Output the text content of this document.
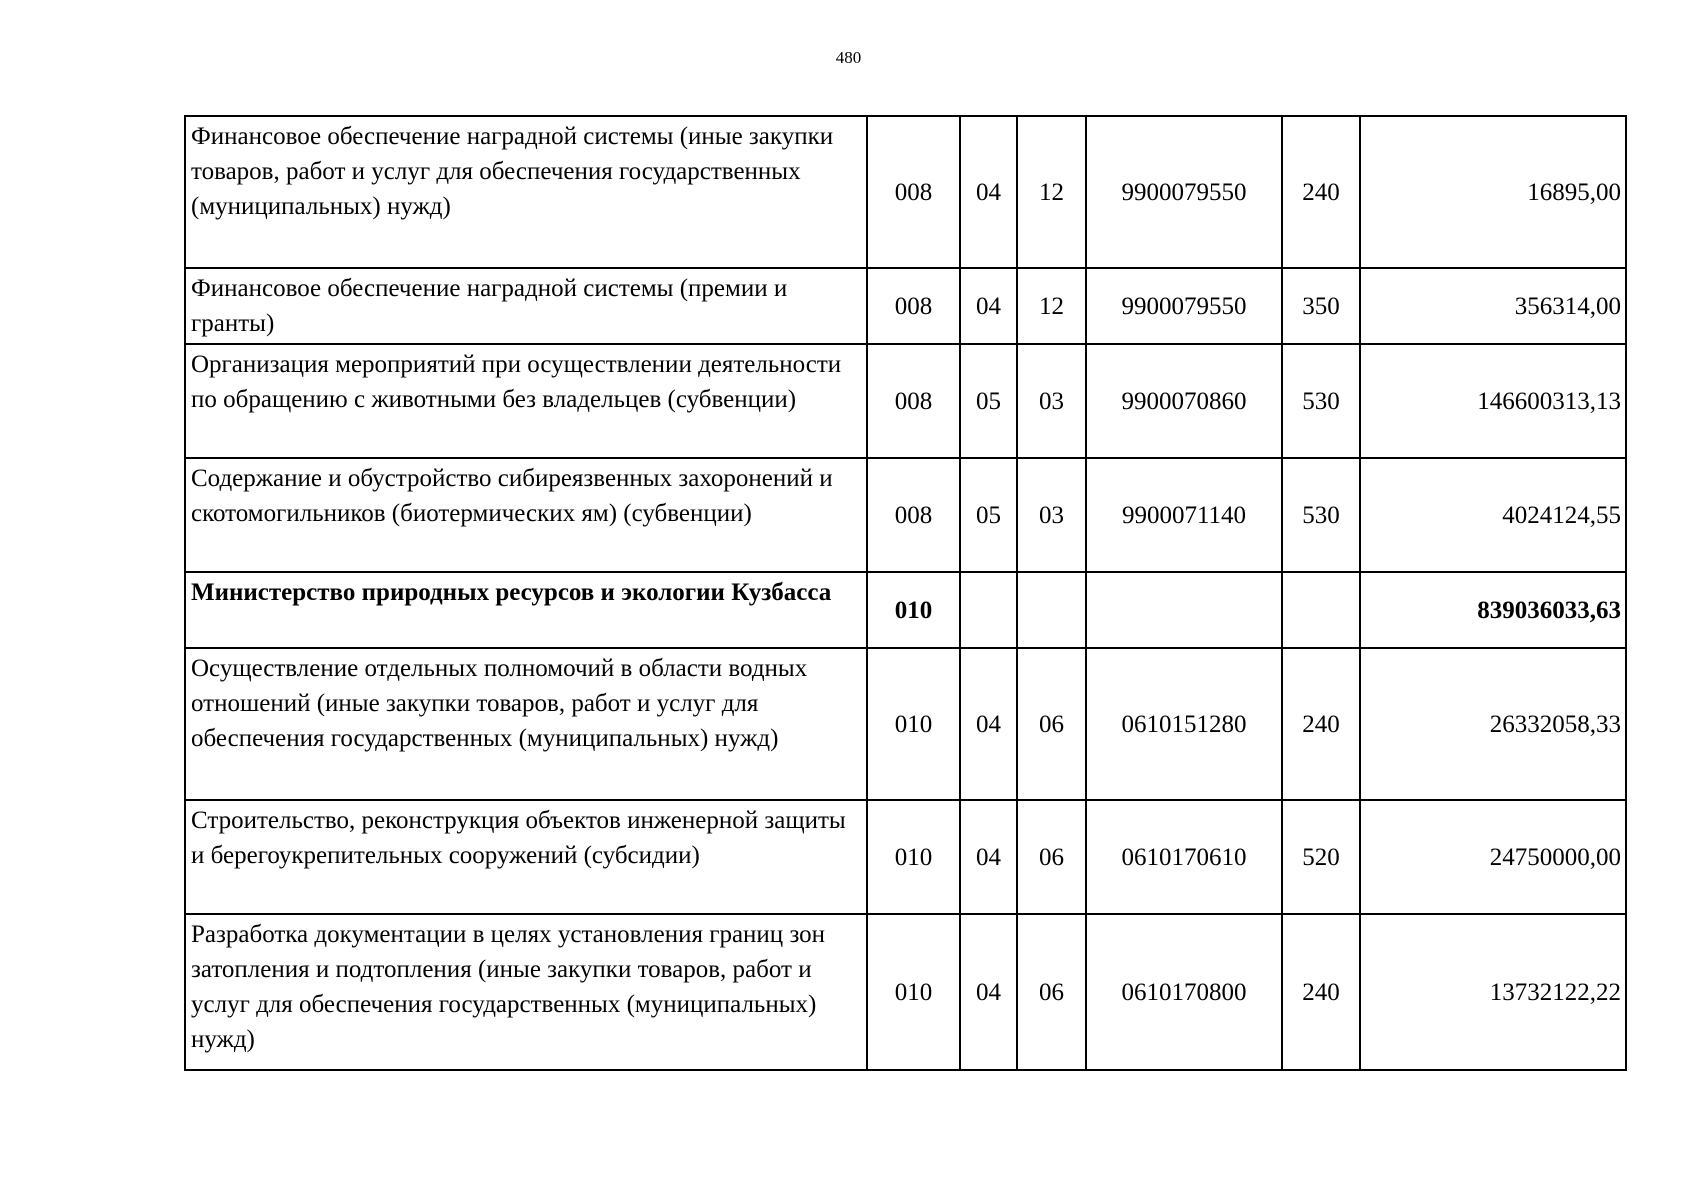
480
Финансовое обеспечение наградной системы (иные закупки товаров, работ и услуг для обеспечения государственных (муниципальных) нужд)	008	04	12	9900079550	240	16895,00
Финансовое обеспечение наградной системы (премии и гранты)	008	04	12	9900079550	350	356314,00
Организация мероприятий при осуществлении деятельности по обращению с животными без владельцев (субвенции)	008	05	03	9900070860	530	146600313,13
Содержание и обустройство сибиреязвенных захоронений и скотомогильников (биотермических ям) (субвенции)	008	05	03	9900071140	530	4024124,55
Министерство природных ресурсов и экологии Кузбасса	010					839036033,63
Осуществление отдельных полномочий в области водных отношений (иные закупки товаров, работ и услуг для обеспечения государственных (муниципальных) нужд)	010	04	06	0610151280	240	26332058,33
Строительство, реконструкция объектов инженерной защиты и берегоукрепительных сооружений (субсидии)	010	04	06	0610170610	520	24750000,00
Разработка документации в целях установления границ зон затопления и подтопления (иные закупки товаров, работ и услуг для обеспечения государственных (муниципальных) нужд)	010	04	06	0610170800	240	13732122,22
